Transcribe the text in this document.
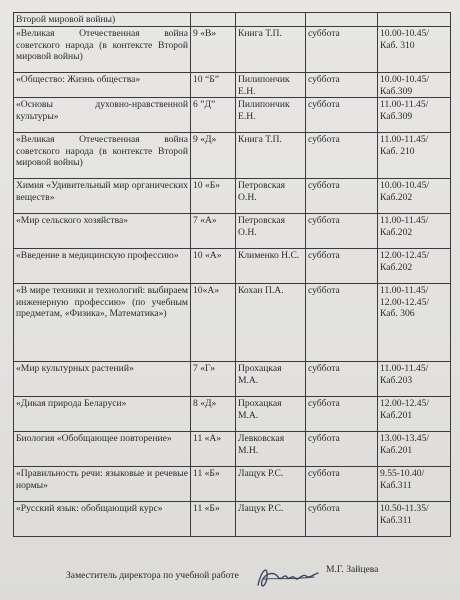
Второй мировой войны)				
«Великая Отечественная война советского народа (в контексте Второй мировой войны)	9 «В»	Книга Т.П.	суббота	10.00-10.45/ Каб. 310
«Общество: Жизнь общества»	10 “Б”	Пилипончик Е.Н.	суббота	10.00-10.45/ Каб.309
«Основы духовно-нравственной культуры»	6 ”Д”	Пилипончик Е.Н.	суббота	11.00-11.45/ Каб.309
«Великая Отечественная война советского народа (в контексте Второй мировой войны)	9 «Д»	Книга Т.П.	суббота	11.00-11.45/ Каб. 210
Химия «Удивительный мир органических веществ»	10 «Б»	Петровская О.Н.	суббота	10.00-10.45/ Каб.202
«Мир сельского хозяйства»	7 «А»	Петровская О.Н.	суббота	11.00-11.45/ Каб.202
«Введение в медицинскую профессию»	10 «А»	Клименко Н.С.	суббота	12.00-12.45/ Каб.202
«В мире техники и технологий: выбираем инженерную профессию» (по учебным предметам, «Физика», Математика»)	10«А»	Кохан П.А.	суббота	11.00-11.45/ 12.00-12.45/ Каб. 306
«Мир культурных растений»	7 «Г»	Прохацкая М.А.	суббота	11.00-11.45/ Каб.203
«Дикая природа Беларуси»	8 «Д»	Прохацкая М.А.	суббота	12.00-12.45/ Каб.201
Биология «Обобщающее повторение»	11 «А»	Левковская М.Н.	суббота	13.00-13.45/ Каб.201
«Правильность речи: языковые и речевые нормы»	11 «Б»	Лащук Р.С.	суббота	9.55-10.40/ Каб.311
«Русский язык: обобщающий курс»	11 «Б»	Лащук Р.С.	суббота	10.50-11.35/ Каб.311
Заместитель директора по учебной работе
М.Г. Зайцева
